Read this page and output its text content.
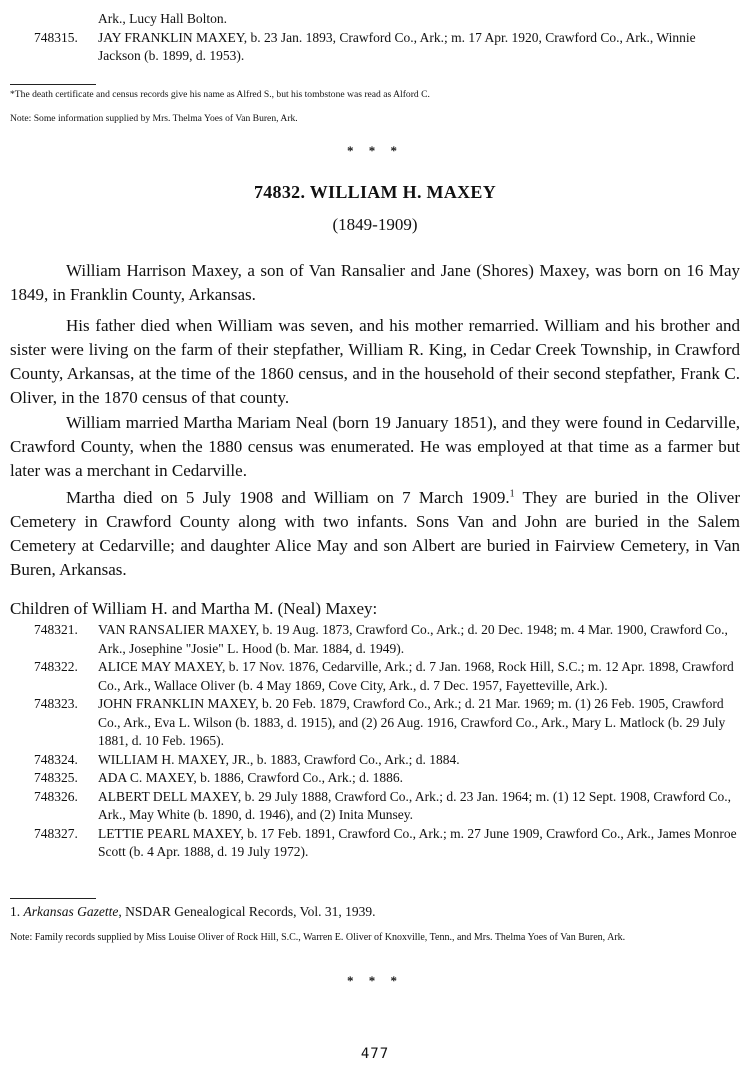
Ark., Lucy Hall Bolton.
748315.	JAY FRANKLIN MAXEY, b. 23 Jan. 1893, Crawford Co., Ark.; m. 17 Apr. 1920, Crawford Co., Ark., Winnie Jackson (b. 1899, d. 1953).
*The death certificate and census records give his name as Alfred S., but his tombstone was read as Alford C.
Note: Some information supplied by Mrs. Thelma Yoes of Van Buren, Ark.
* * *
74832. WILLIAM H. MAXEY
(1849-1909)

William Harrison Maxey, a son of Van Ransalier and Jane (Shores) Maxey, was born on 16 May 1849, in Franklin County, Arkansas.

His father died when William was seven, and his mother remarried. William and his brother and sister were living on the farm of their stepfather, William R. King, in Cedar Creek Township, in Crawford County, Arkansas, at the time of the 1860 census, and in the household of their second stepfather, Frank C. Oliver, in the 1870 census of that county.

William married Martha Mariam Neal (born 19 January 1851), and they were found in Cedarville, Crawford County, when the 1880 census was enumerated. He was employed at that time as a farmer but later was a merchant in Cedarville.

Martha died on 5 July 1908 and William on 7 March 1909.$^1$ They are buried in the Oliver Cemetery in Crawford County along with two infants. Sons Van and John are buried in the Salem Cemetery at Cedarville; and daughter Alice May and son Albert are buried in Fairview Cemetery, in Van Buren, Arkansas.

Children of William H. and Martha M. (Neal) Maxey:
748321.	VAN RANSALIER MAXEY, b. 19 Aug. 1873, Crawford Co., Ark.; d. 20 Dec. 1948; m. 4 Mar. 1900, Crawford Co., Ark., Josephine "Josie" L. Hood (b. Mar. 1884, d. 1949).
748322.	ALICE MAY MAXEY, b. 17 Nov. 1876, Cedarville, Ark.; d. 7 Jan. 1968, Rock Hill, S.C.; m. 12 Apr. 1898, Crawford Co., Ark., Wallace Oliver (b. 4 May 1869, Cove City, Ark., d. 7 Dec. 1957, Fayetteville, Ark.).
748323.	JOHN FRANKLIN MAXEY, b. 20 Feb. 1879, Crawford Co., Ark.; d. 21 Mar. 1969; m. (1) 26 Feb. 1905, Crawford Co., Ark., Eva L. Wilson (b. 1883, d. 1915), and (2) 26 Aug. 1916, Crawford Co., Ark., Mary L. Matlock (b. 29 July 1881, d. 10 Feb. 1965).
748324.	WILLIAM H. MAXEY, JR., b. 1883, Crawford Co., Ark.; d. 1884.
748325.	ADA C. MAXEY, b. 1886, Crawford Co., Ark.; d. 1886.
748326.	ALBERT DELL MAXEY, b. 29 July 1888, Crawford Co., Ark.; d. 23 Jan. 1964; m. (1) 12 Sept. 1908, Crawford Co., Ark., May White (b. 1890, d. 1946), and (2) Inita Munsey.
748327.	LETTIE PEARL MAXEY, b. 17 Feb. 1891, Crawford Co., Ark.; m. 27 June 1909, Crawford Co., Ark., James Monroe Scott (b. 4 Apr. 1888, d. 19 July 1972).
1. Arkansas Gazette, NSDAR Genealogical Records, Vol. 31, 1939.
Note: Family records supplied by Miss Louise Oliver of Rock Hill, S.C., Warren E. Oliver of Knoxville, Tenn., and Mrs. Thelma Yoes of Van Buren, Ark.
* * *
477
